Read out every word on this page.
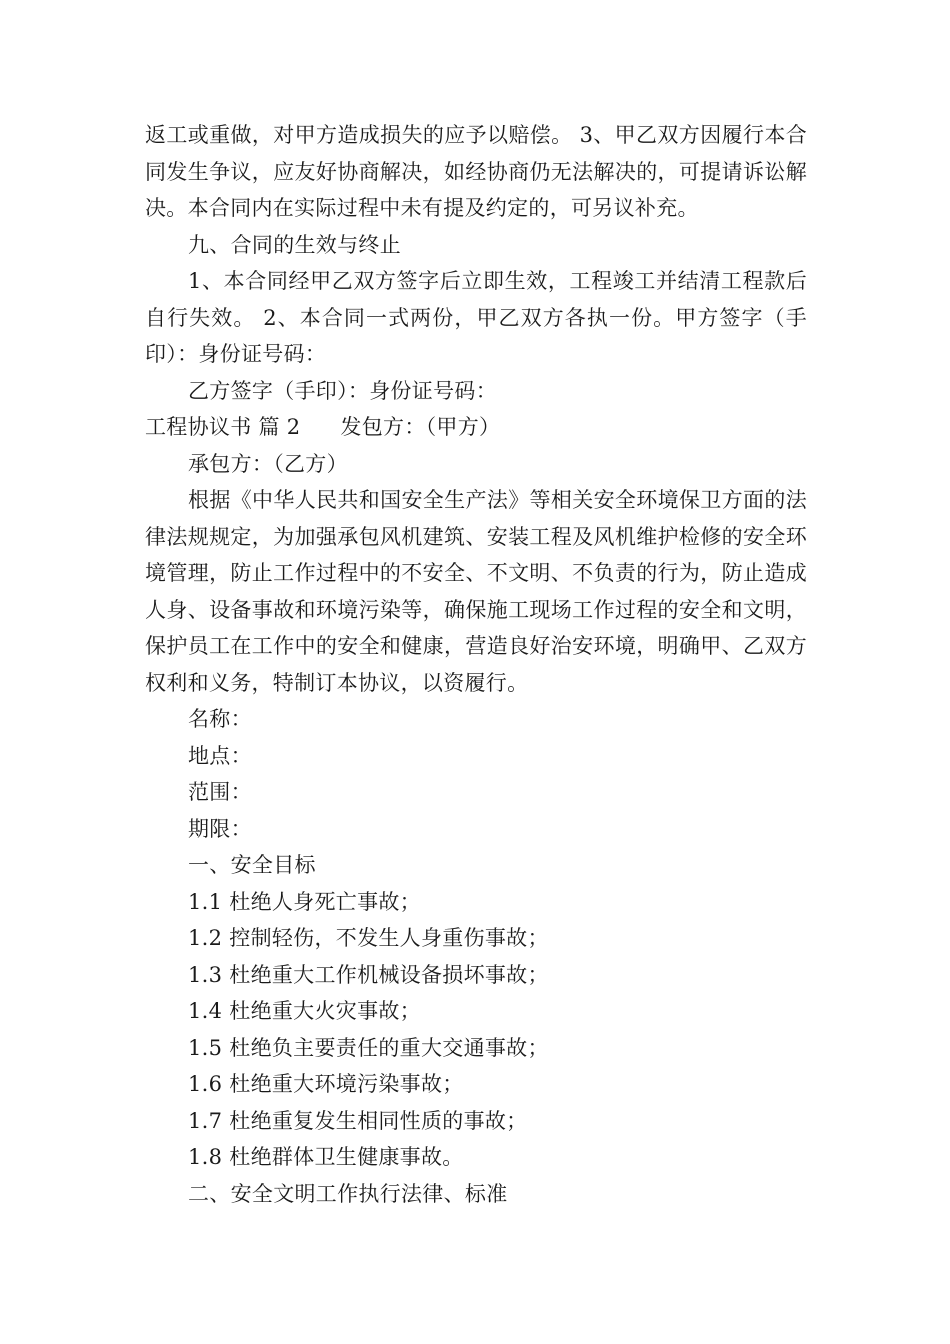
返工或重做，对甲方造成损失的应予以赔偿。 3、甲乙双方因履行本合同发生争议，应友好协商解决，如经协商仍无法解决的，可提请诉讼解决。本合同内在实际过程中未有提及约定的，可另议补充。

九、合同的生效与终止

1、本合同经甲乙双方签字后立即生效，工程竣工并结清工程款后自行失效。 2、本合同一式两份，甲乙双方各执一份。甲方签字（手印）：身份证号码：

乙方签字（手印）：身份证号码：

工程协议书 篇 2 发包方：（甲方）

承包方：（乙方）

根据《中华人民共和国安全生产法》等相关安全环境保卫方面的法律法规规定，为加强承包风机建筑、安装工程及风机维护检修的安全环境管理，防止工作过程中的不安全、不文明、不负责的行为，防止造成人身、设备事故和环境污染等，确保施工现场工作过程的安全和文明，保护员工在工作中的安全和健康，营造良好治安环境，明确甲、乙双方权利和义务，特制订本协议，以资履行。

名称：

地点：

范围：

期限：

一、安全目标

1.1 杜绝人身死亡事故；

1.2 控制轻伤，不发生人身重伤事故；

1.3 杜绝重大工作机械设备损坏事故；

1.4 杜绝重大火灾事故；

1.5 杜绝负主要责任的重大交通事故；

1.6 杜绝重大环境污染事故；

1.7 杜绝重复发生相同性质的事故；

1.8 杜绝群体卫生健康事故。

二、安全文明工作执行法律、标准
